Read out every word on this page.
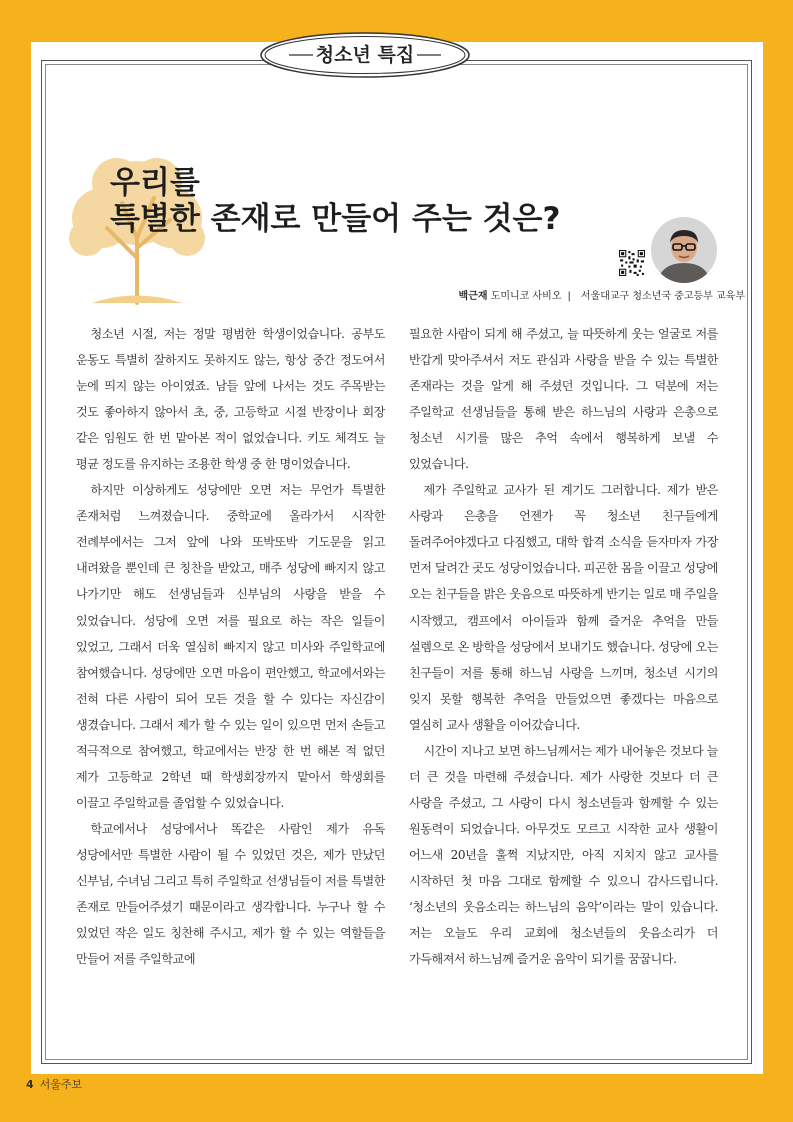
청소년 특집
우리를
특별한 존재로 만들어 주는 것은?
백근재 도미니코 사비오 | 서울대교구 청소년국 중고등부 교육부

청소년 시절, 저는 정말 평범한 학생이었습니다. 공부도 운동도 특별히 잘하지도 못하지도 않는, 항상 중간 정도여서 눈에 띄지 않는 아이였죠. 남들 앞에 나서는 것도 주목받는 것도 좋아하지 않아서 초, 중, 고등학교 시절 반장이나 회장 같은 임원도 한 번 맡아본 적이 없었습니다. 키도 체격도 늘 평균 정도를 유지하는 조용한 학생 중 한 명이었습니다.

하지만 이상하게도 성당에만 오면 저는 무언가 특별한 존재처럼 느껴졌습니다. 중학교에 올라가서 시작한 전례부에서는 그저 앞에 나와 또박또박 기도문을 읽고 내려왔을 뿐인데 큰 칭찬을 받았고, 매주 성당에 빠지지 않고 나가기만 해도 선생님들과 신부님의 사랑을 받을 수 있었습니다. 성당에 오면 저를 필요로 하는 작은 일들이 있었고, 그래서 더욱 열심히 빠지지 않고 미사와 주일학교에 참여했습니다. 성당에만 오면 마음이 편안했고, 학교에서와는 전혀 다른 사람이 되어 모든 것을 할 수 있다는 자신감이 생겼습니다. 그래서 제가 할 수 있는 일이 있으면 먼저 손들고 적극적으로 참여했고, 학교에서는 반장 한 번 해본 적 없던 제가 고등학교 2학년 때 학생회장까지 맡아서 학생회를 이끌고 주일학교를 졸업할 수 있었습니다.

학교에서나 성당에서나 똑같은 사람인 제가 유독 성당에서만 특별한 사람이 될 수 있었던 것은, 제가 만났던 신부님, 수녀님 그리고 특히 주일학교 선생님들이 저를 특별한 존재로 만들어주셨기 때문이라고 생각합니다. 누구나 할 수 있었던 작은 일도 칭찬해 주시고, 제가 할 수 있는 역할들을 만들어 저를 주일학교에

필요한 사람이 되게 해 주셨고, 늘 따뜻하게 웃는 얼굴로 저를 반갑게 맞아주셔서 저도 관심과 사랑을 받을 수 있는 특별한 존재라는 것을 알게 해 주셨던 것입니다. 그 덕분에 저는 주일학교 선생님들을 통해 받은 하느님의 사랑과 은총으로 청소년 시기를 많은 추억 속에서 행복하게 보낼 수 있었습니다.

제가 주일학교 교사가 된 계기도 그러합니다. 제가 받은 사랑과 은총을 언젠가 꼭 청소년 친구들에게 돌려주어야겠다고 다짐했고, 대학 합격 소식을 듣자마자 가장 먼저 달려간 곳도 성당이었습니다. 피곤한 몸을 이끌고 성당에 오는 친구들을 밝은 웃음으로 따뜻하게 반기는 일로 매 주일을 시작했고, 캠프에서 아이들과 함께 즐거운 추억을 만들 설렘으로 온 방학을 성당에서 보내기도 했습니다. 성당에 오는 친구들이 저를 통해 하느님 사랑을 느끼며, 청소년 시기의 잊지 못할 행복한 추억을 만들었으면 좋겠다는 마음으로 열심히 교사 생활을 이어갔습니다.

시간이 지나고 보면 하느님께서는 제가 내어놓은 것보다 늘 더 큰 것을 마련해 주셨습니다. 제가 사랑한 것보다 더 큰 사랑을 주셨고, 그 사랑이 다시 청소년들과 함께할 수 있는 원동력이 되었습니다. 아무것도 모르고 시작한 교사 생활이 어느새 20년을 훌쩍 지났지만, 아직 지치지 않고 교사를 시작하던 첫 마음 그대로 함께할 수 있으니 감사드립니다. ‘청소년의 웃음소리는 하느님의 음악’이라는 말이 있습니다. 저는 오늘도 우리 교회에 청소년들의 웃음소리가 더 가득해져서 하느님께 즐거운 음악이 되기를 꿈꿉니다.

4 서울주보
